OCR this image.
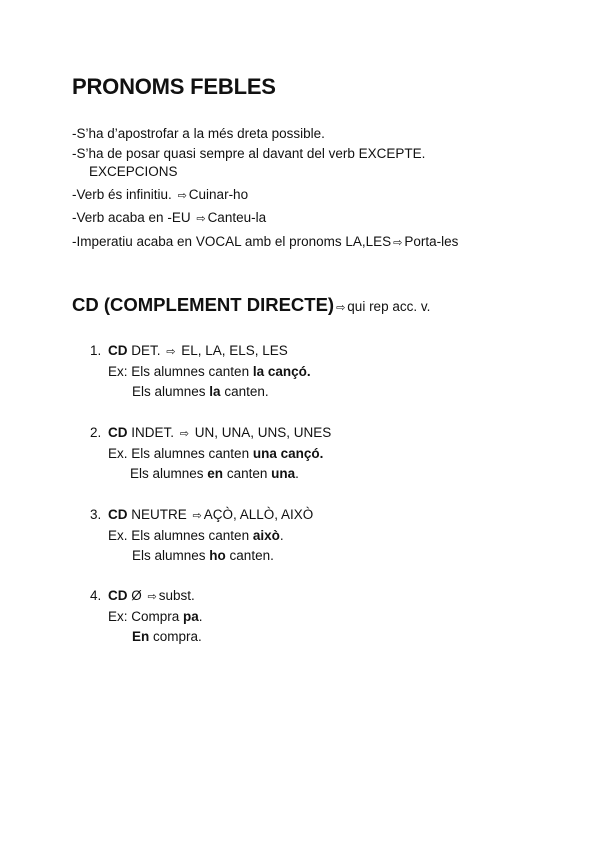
PRONOMS FEBLES
-S’ha d’apostrofar a la més dreta possible.
-S’ha de posar quasi sempre al davant del verb EXCEPTE.
EXCEPCIONS
-Verb és infinitiu. ⇨ Cuinar-ho
-Verb acaba en -EU ⇨ Canteu-la
-Imperatiu acaba en VOCAL amb el pronoms LA,LES ⇨ Porta-les
CD (COMPLEMENT DIRECTE) ⇨ qui rep acc. v.
1. CD DET. ⇨ EL, LA, ELS, LES
Ex: Els alumnes canten la cançó.
Els alumnes la canten.
2. CD INDET. ⇨ UN, UNA, UNS, UNES
Ex. Els alumnes canten una cançó.
Els alumnes en canten una.
3. CD NEUTRE ⇨ AÇÒ, ALLÒ, AIXÒ
Ex. Els alumnes canten això.
Els alumnes ho canten.
4. CD Ø ⇨ subst.
Ex: Compra pa.
En compra.
